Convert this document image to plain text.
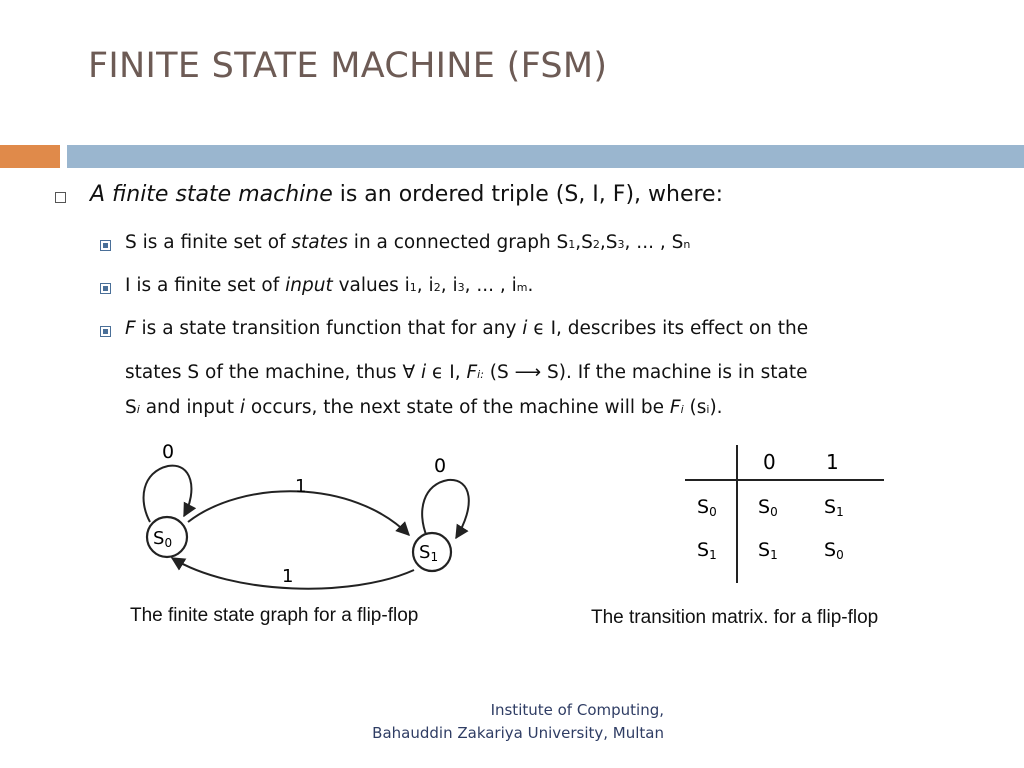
FINITE STATE MACHINE (FSM)
A finite state machine is an ordered triple (S, I, F), where:
S is a finite set of states in a connected graph S1,S2,S3, ... , Sn
I is a finite set of input values i1, i2, i3, ... , im.
F is a state transition function that for any i ϵ I, describes its effect on the
states S of the machine, thus ∀ i ϵ I, Fi: (S ⟶ S). If the machine is in state
Si and input i occurs, the next state of the machine will be Fi (si).
0
0
1
1
S0	S1
0	1
S0 S0 S1
S1 S1 S0
The finite state graph for a flip-flop	The transition matrix. for a flip-flop
Institute of Computing,
Bahauddin Zakariya University, Multan
